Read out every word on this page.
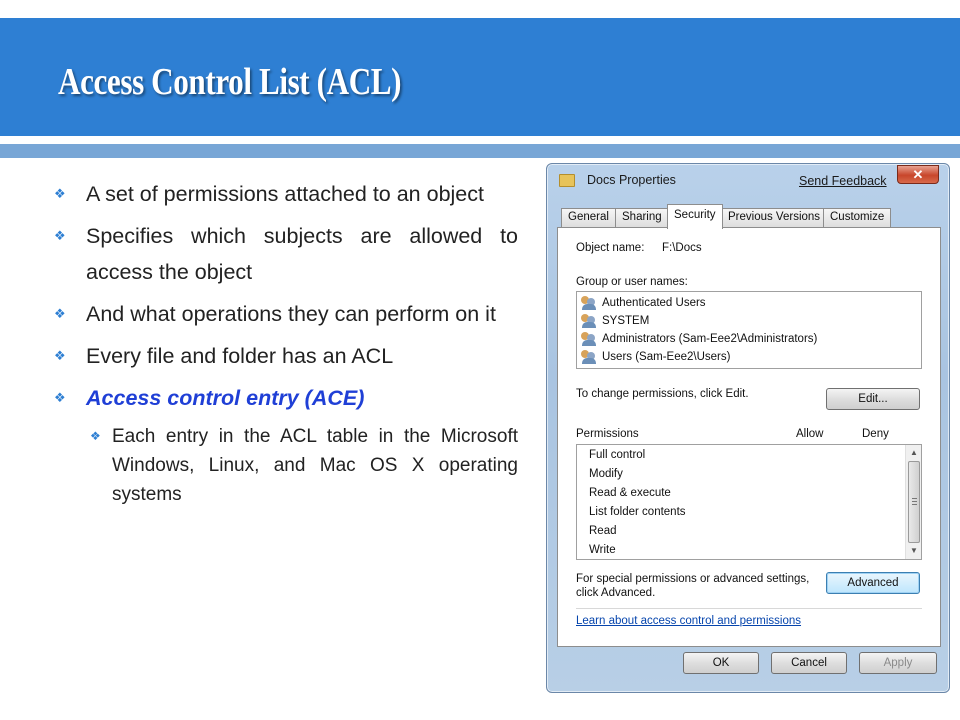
Access Control List (ACL)
❖ A set of permissions attached to an object
❖ Specifies which subjects are allowed to access the object
❖ And what operations they can perform on it
❖ Every file and folder has an ACL
❖ Access control entry (ACE)
❖ Each entry in the ACL table in the Microsoft Windows, Linux, and Mac OS X operating systems
Docs Properties	Send Feedback	✕
General	Sharing	Security	Previous Versions Customize
Object name: F:\Docs
Group or user names:
Authenticated Users
SYSTEM
Administrators (Sam-Eee2\Administrators)
Users (Sam-Eee2\Users)
To change permissions, click Edit.	Edit...
Permissions	Allow	Deny
Full control
Modify
Read & execute
List folder contents
Read
Write
▲
▼
For special permissions or advanced settings, click Advanced.
Advanced
Learn about access control and permissions
OK	Cancel	Apply
